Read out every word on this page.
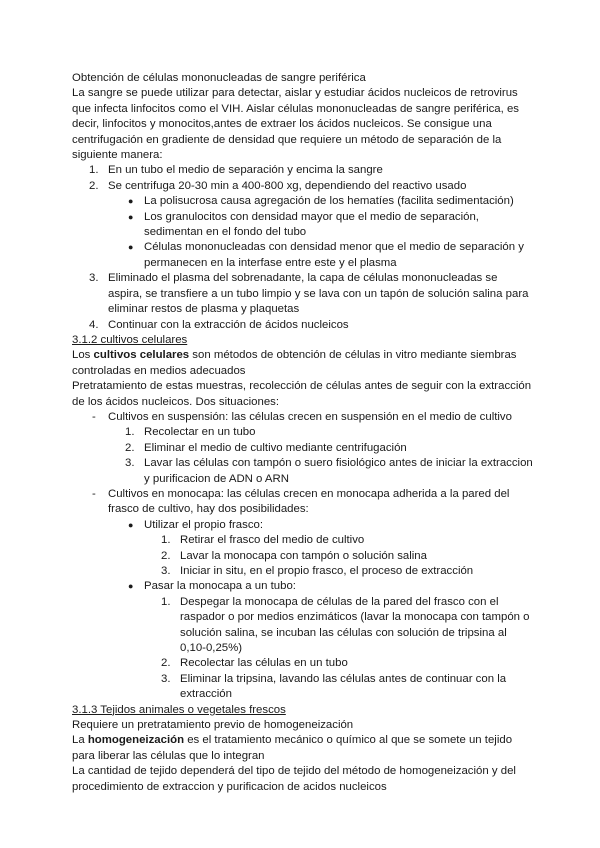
Obtención de células mononucleadas de sangre periférica

La sangre se puede utilizar para detectar, aislar y estudiar ácidos nucleicos de retrovirus que infecta linfocitos como el VIH. Aislar células mononucleadas de sangre periférica, es decir, linfocitos y monocitos,antes de extraer los ácidos nucleicos. Se consigue una centrifugación en gradiente de densidad que requiere un método de separación de la siguiente manera:

1. En un tubo el medio de separación y encima la sangre
2. Se centrifuga 20-30 min a 400-800 xg, dependiendo del reactivo usado
● La polisucrosa causa agregación de los hematíes (facilita sedimentación)
● Los granulocitos con densidad mayor que el medio de separación, sedimentan en el fondo del tubo
● Células mononucleadas con densidad menor que el medio de separación y permanecen en la interfase entre este y el plasma
3. Eliminado el plasma del sobrenadante, la capa de células mononucleadas se aspira, se transfiere a un tubo limpio y se lava con un tapón de solución salina para eliminar restos de plasma y plaquetas
4. Continuar con la extracción de ácidos nucleicos

3.1.2 cultivos celulares

Los cultivos celulares son métodos de obtención de células in vitro mediante siembras controladas en medios adecuados

Pretratamiento de estas muestras, recolección de células antes de seguir con la extracción de los ácidos nucleicos. Dos situaciones:

- Cultivos en suspensión: las células crecen en suspensión en el medio de cultivo
1. Recolectar en un tubo
2. Eliminar el medio de cultivo mediante centrifugación
3. Lavar las células con tampón o suero fisiológico antes de iniciar la extraccion y purificacion de ADN o ARN
- Cultivos en monocapa: las células crecen en monocapa adherida a la pared del frasco de cultivo, hay dos posibilidades:
● Utilizar el propio frasco:
1. Retirar el frasco del medio de cultivo
2. Lavar la monocapa con tampón o solución salina
3. Iniciar in situ, en el propio frasco, el proceso de extracción
● Pasar la monocapa a un tubo:
1. Despegar la monocapa de células de la pared del frasco con el raspador o por medios enzimáticos (lavar la monocapa con tampón o solución salina, se incuban las células con solución de tripsina al 0,10-0,25%)
2. Recolectar las células en un tubo
3. Eliminar la tripsina, lavando las células antes de continuar con la extracción

3.1.3 Tejidos animales o vegetales frescos

Requiere un pretratamiento previo de homogeneización

La homogeneización es el tratamiento mecánico o químico al que se somete un tejido para liberar las células que lo integran

La cantidad de tejido dependerá del tipo de tejido del método de homogeneización y del procedimiento de extraccion y purificacion de acidos nucleicos
